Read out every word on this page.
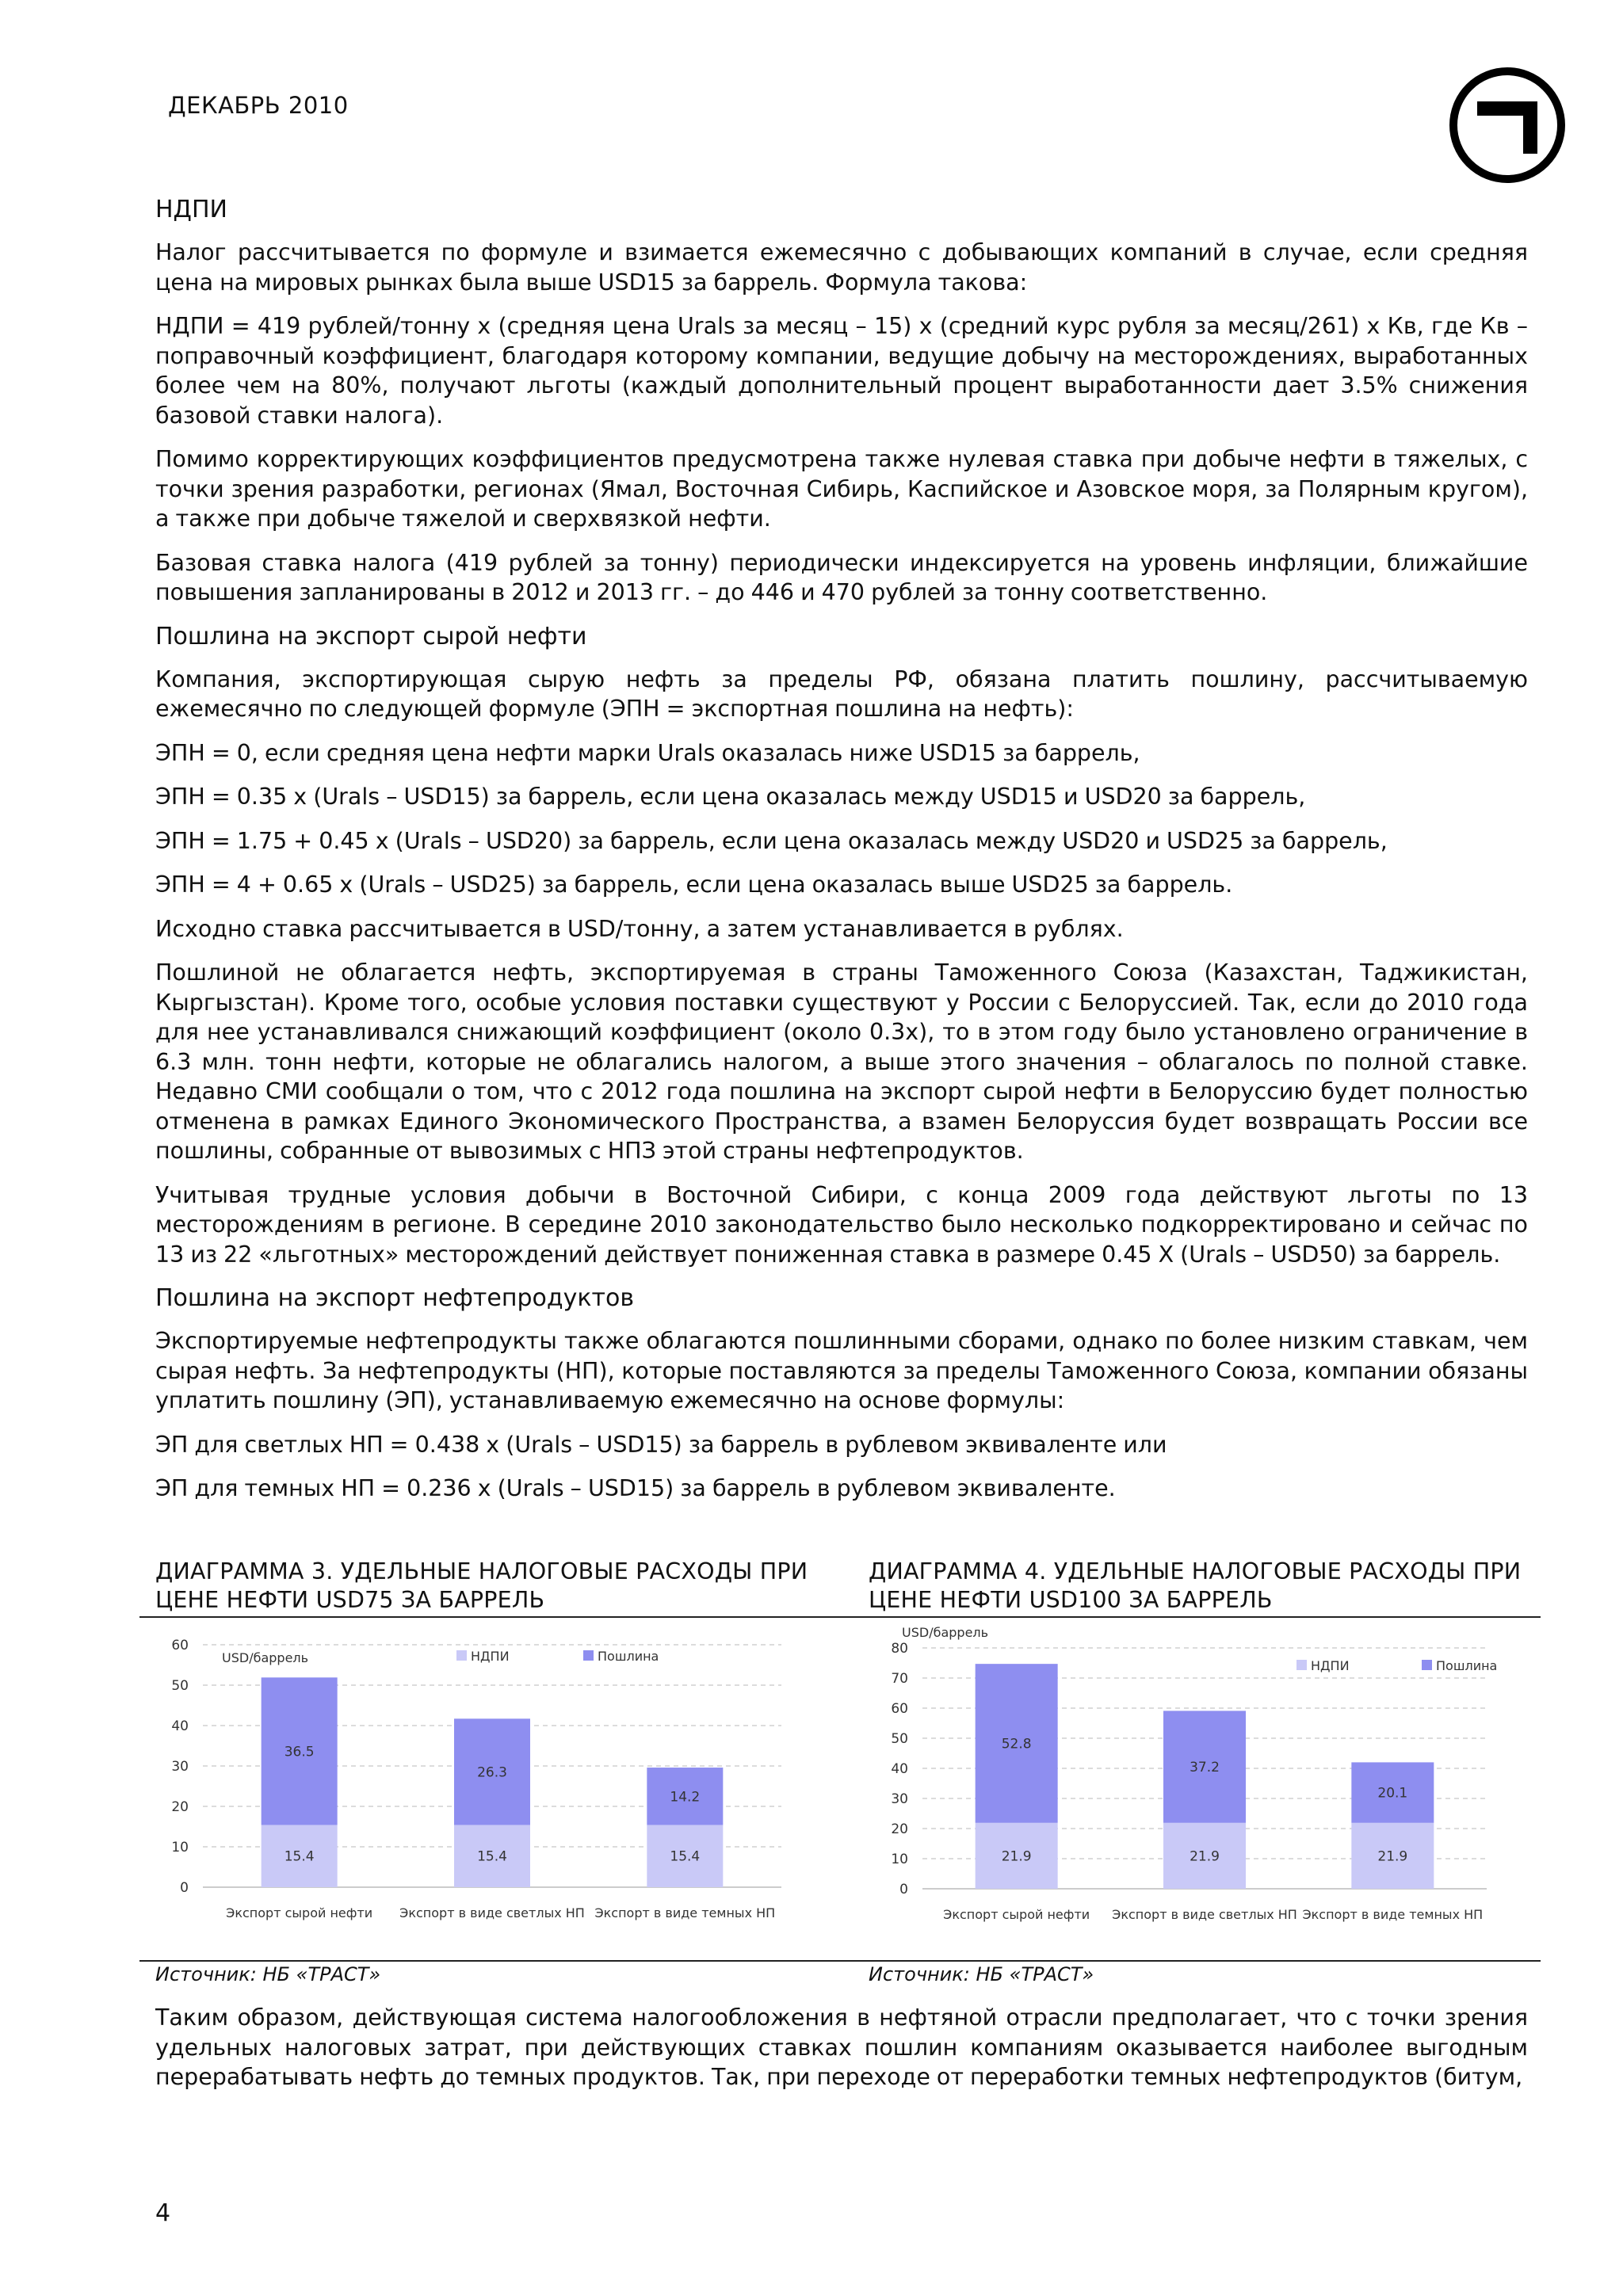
ДЕКАБРЬ 2010
НДПИ

Налог рассчитывается по формуле и взимается ежемесячно с добывающих компаний в случае, если средняя цена на мировых рынках была выше USD15 за баррель. Формула такова:

НДПИ = 419 рублей/тонну х (средняя цена Urals за месяц – 15) х (средний курс рубля за месяц/261) х Кв, где Кв – поправочный коэффициент, благодаря которому компании, ведущие добычу на месторождениях, выработанных более чем на 80%, получают льготы (каждый дополнительный процент выработанности дает 3.5% снижения базовой ставки налога).

Помимо корректирующих коэффициентов предусмотрена также нулевая ставка при добыче нефти в тяжелых, с точки зрения разработки, регионах (Ямал, Восточная Сибирь, Каспийское и Азовское моря, за Полярным кругом), а также при добыче тяжелой и сверхвязкой нефти.

Базовая ставка налога (419 рублей за тонну) периодически индексируется на уровень инфляции, ближайшие повышения запланированы в 2012 и 2013 гг. – до 446 и 470 рублей за тонну соответственно.

Пошлина на экспорт сырой нефти

Компания, экспортирующая сырую нефть за пределы РФ, обязана платить пошлину, рассчитываемую ежемесячно по следующей формуле (ЭПН = экспортная пошлина на нефть):

ЭПН = 0, если средняя цена нефти марки Urals оказалась ниже USD15 за баррель,

ЭПН = 0.35 х (Urals – USD15) за баррель, если цена оказалась между USD15 и USD20 за баррель,

ЭПН = 1.75 + 0.45 х (Urals – USD20) за баррель, если цена оказалась между USD20 и USD25 за баррель,

ЭПН = 4 + 0.65 х (Urals – USD25) за баррель, если цена оказалась выше USD25 за баррель.

Исходно ставка рассчитывается в USD/тонну, а затем устанавливается в рублях.

Пошлиной не облагается нефть, экспортируемая в страны Таможенного Союза (Казахстан, Таджикистан, Кыргызстан). Кроме того, особые условия поставки существуют у России с Белоруссией. Так, если до 2010 года для нее устанавливался снижающий коэффициент (около 0.3х), то в этом году было установлено ограничение в 6.3 млн. тонн нефти, которые не облагались налогом, а выше этого значения – облагалось по полной ставке. Недавно СМИ сообщали о том, что с 2012 года пошлина на экспорт сырой нефти в Белоруссию будет полностью отменена в рамках Единого Экономического Пространства, а взамен Белоруссия будет возвращать России все пошлины, собранные от вывозимых с НПЗ этой страны нефтепродуктов.

Учитывая трудные условия добычи в Восточной Сибири, с конца 2009 года действуют льготы по 13 месторождениям в регионе. В середине 2010 законодательство было несколько подкорректировано и сейчас по 13 из 22 «льготных» месторождений действует пониженная ставка в размере 0.45 Х (Urals – USD50) за баррель.

Пошлина на экспорт нефтепродуктов

Экспортируемые нефтепродукты также облагаются пошлинными сборами, однако по более низким ставкам, чем сырая нефть. За нефтепродукты (НП), которые поставляются за пределы Таможенного Союза, компании обязаны уплатить пошлину (ЭП), устанавливаемую ежемесячно на основе формулы:

ЭП для светлых НП = 0.438 х (Urals – USD15) за баррель в рублевом эквиваленте или

ЭП для темных НП = 0.236 х (Urals – USD15) за баррель в рублевом эквиваленте.

ДИАГРАММА 3. УДЕЛЬНЫЕ НАЛОГОВЫЕ РАСХОДЫ ПРИ
ЦЕНЕ НЕФТИ USD75 ЗА БАРРЕЛЬ
ДИАГРАММА 4. УДЕЛЬНЫЕ НАЛОГОВЫЕ РАСХОДЫ ПРИ
ЦЕНЕ НЕФТИ USD100 ЗА БАРРЕЛЬ
0
10
20
30
40
50
60
USD/баррель	НДПИ	Пошлина
15.4
36.5
Экспорт сырой нефти
15.4
26.3
Экспорт в виде светлых НП
15.4
14.2
Экспорт в виде темных НП
0
10
20
30
40
50
60
70
80
USD/баррель
НДПИ	Пошлина
21.9
52.8
Экспорт сырой нефти
21.9
37.2
Экспорт в виде светлых НП
21.9
20.1
Экспорт в виде темных НП
Источник: НБ «ТРАСТ»	Источник: НБ «ТРАСТ»

Таким образом, действующая система налогообложения в нефтяной отрасли предполагает, что с точки зрения удельных налоговых затрат, при действующих ставках пошлин компаниям оказывается наиболее выгодным перерабатывать нефть до темных продуктов. Так, при переходе от переработки темных нефтепродуктов (битум,

4
